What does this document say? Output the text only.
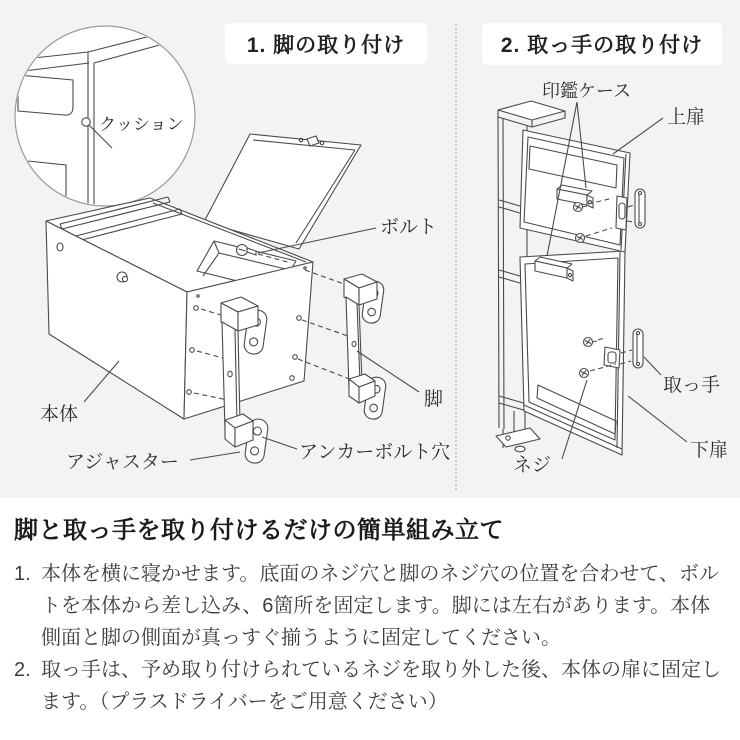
クッション
ボルト
本体
脚
アンカーボルト穴
アジャスター
印鑑ケース
上扉
取っ手
下扉
ネジ
1. 脚の取り付け	2. 取っ手の取り付け
脚と取っ手を取り付けるだけの簡単組み立て
1. 本体を横に寝かせます。底面のネジ穴と脚のネジ穴の位置を合わせて、ボルトを本体から差し込み、6箇所を固定します。脚には左右があります。本体側面と脚の側面が真っすぐ揃うように固定してください。
2. 取っ手は、予め取り付けられているネジを取り外した後、本体の扉に固定します。（プラスドライバーをご用意ください）
